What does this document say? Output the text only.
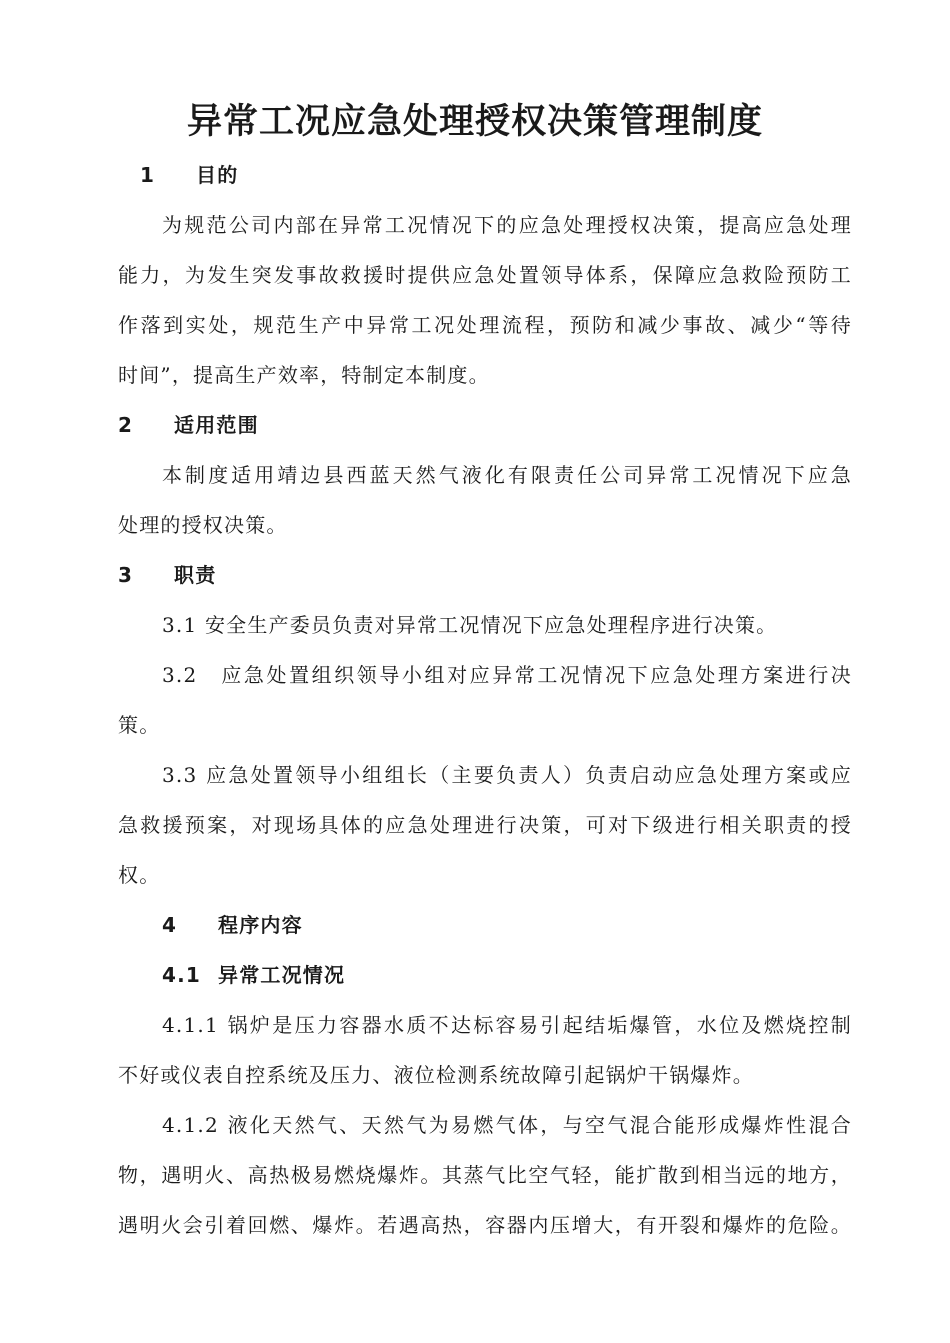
异常工况应急处理授权决策管理制度
1 目的
为规范公司内部在异常工况情况下的应急处理授权决策，提高应急处理
能力，为发生突发事故救援时提供应急处置领导体系，保障应急救险预防工
作落到实处，规范生产中异常工况处理流程，预防和减少事故、减少“等待
时间”，提高生产效率，特制定本制度。
2 适用范围
本制度适用靖边县西蓝天然气液化有限责任公司异常工况情况下应急
处理的授权决策。
3 职责
3.1 安全生产委员负责对异常工况情况下应急处理程序进行决策。
3.2　应急处置组织领导小组对应异常工况情况下应急处理方案进行决
策。
3.3 应急处置领导小组组长（主要负责人）负责启动应急处理方案或应
急救援预案，对现场具体的应急处理进行决策，可对下级进行相关职责的授
权。
4 程序内容
4.1 异常工况情况
4.1.1 锅炉是压力容器水质不达标容易引起结垢爆管，水位及燃烧控制
不好或仪表自控系统及压力、液位检测系统故障引起锅炉干锅爆炸。
4.1.2 液化天然气、天然气为易燃气体，与空气混合能形成爆炸性混合
物，遇明火、高热极易燃烧爆炸。其蒸气比空气轻，能扩散到相当远的地方，
遇明火会引着回燃、爆炸。若遇高热，容器内压增大，有开裂和爆炸的危险。
